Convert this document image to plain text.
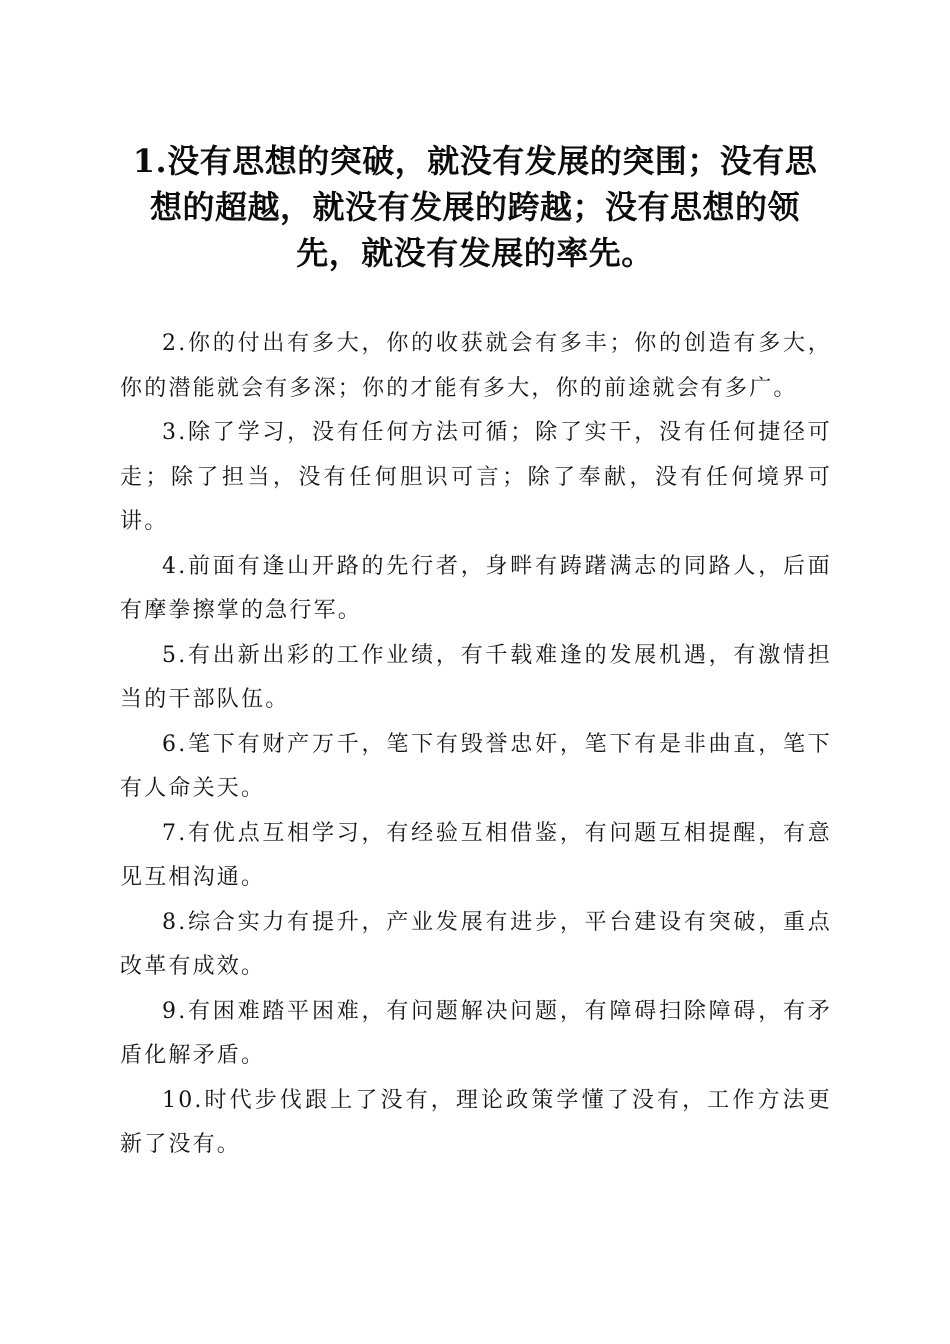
1.没有思想的突破，就没有发展的突围；没有思想的超越，就没有发展的跨越；没有思想的领先，就没有发展的率先。

2.你的付出有多大，你的收获就会有多丰；你的创造有多大，你的潜能就会有多深；你的才能有多大，你的前途就会有多广。

3.除了学习，没有任何方法可循；除了实干，没有任何捷径可走；除了担当，没有任何胆识可言；除了奉献，没有任何境界可讲。

4.前面有逢山开路的先行者，身畔有踌躇满志的同路人，后面有摩拳擦掌的急行军。

5.有出新出彩的工作业绩，有千载难逢的发展机遇，有激情担当的干部队伍。

6.笔下有财产万千，笔下有毁誉忠奸，笔下有是非曲直，笔下有人命关天。

7.有优点互相学习，有经验互相借鉴，有问题互相提醒，有意见互相沟通。

8.综合实力有提升，产业发展有进步，平台建设有突破，重点改革有成效。

9.有困难踏平困难，有问题解决问题，有障碍扫除障碍，有矛盾化解矛盾。

10.时代步伐跟上了没有，理论政策学懂了没有，工作方法更新了没有。
